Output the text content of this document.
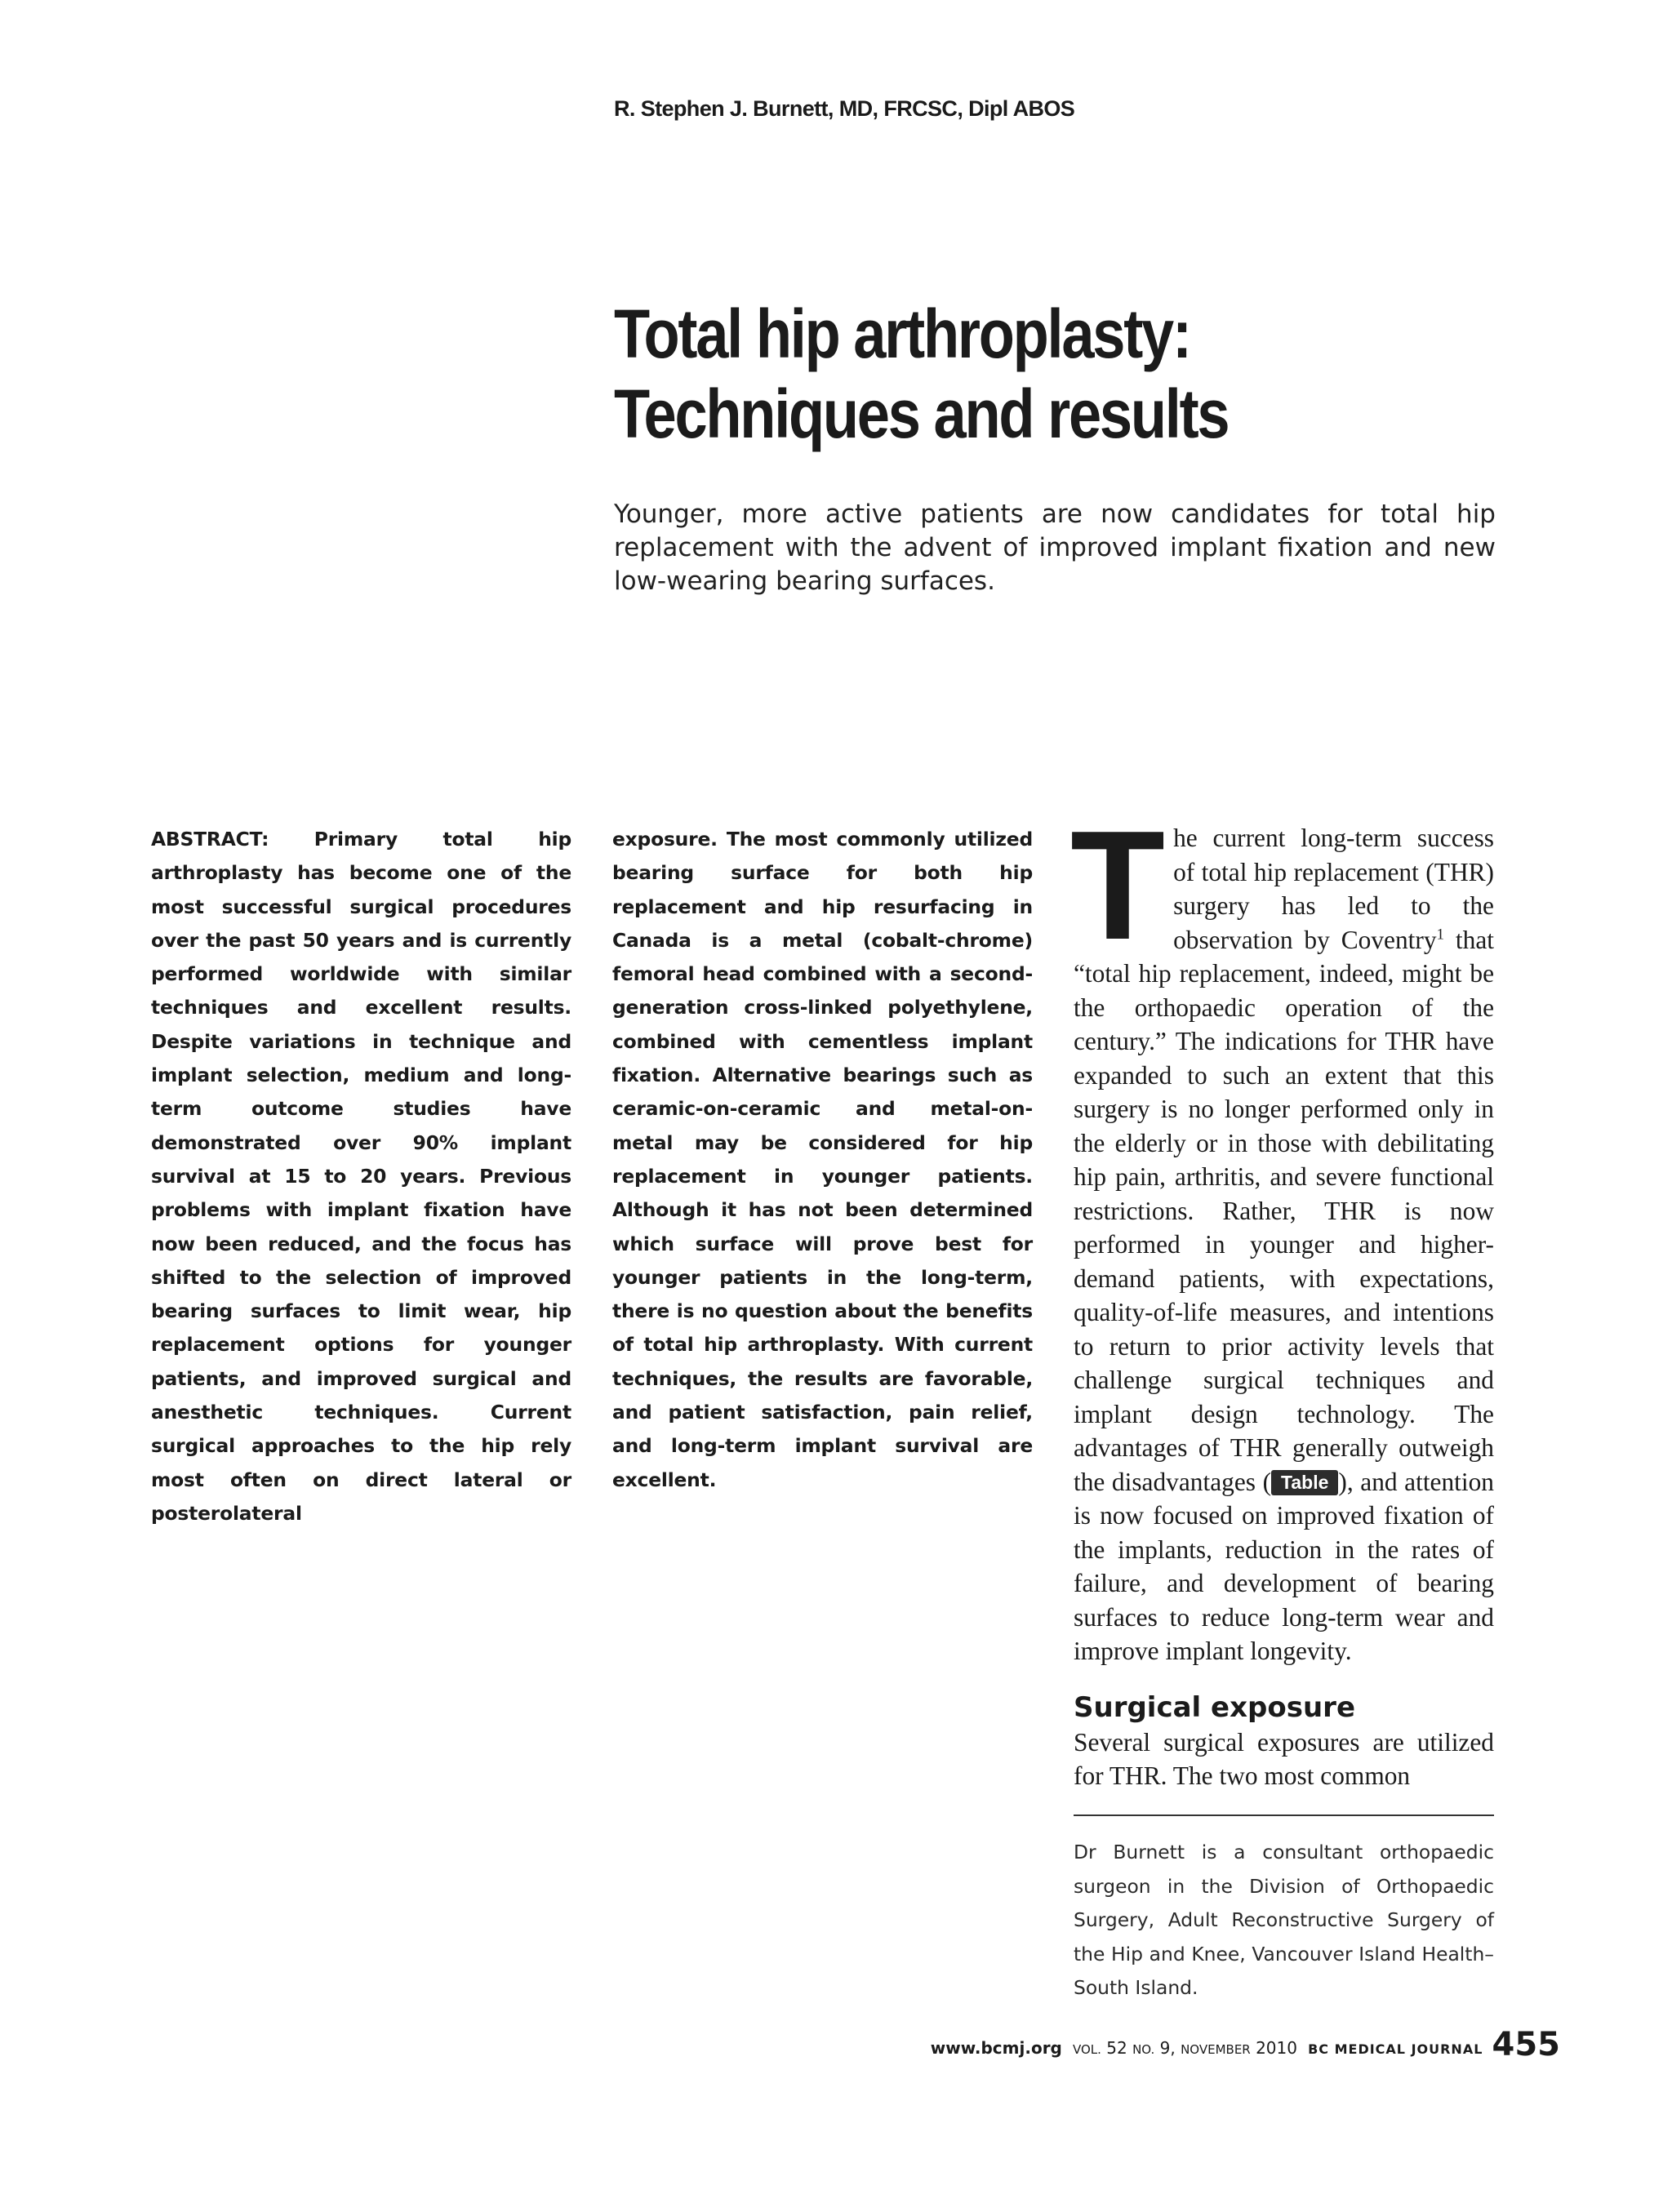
R. Stephen J. Burnett, MD, FRCSC, Dipl ABOS
Total hip arthroplasty:
Techniques and results
Younger, more active patients are now candidates for total hip replacement with the advent of improved implant fixation and new low-wearing bearing surfaces.

ABSTRACT: Primary total hip arthroplasty has become one of the most successful surgical procedures over the past 50 years and is currently performed worldwide with similar techniques and excellent results. Despite variations in technique and implant selection, medium and long-term outcome studies have demonstrated over 90% implant survival at 15 to 20 years. Previous problems with implant fixation have now been reduced, and the focus has shifted to the selection of improved bearing surfaces to limit wear, hip replacement options for younger patients, and improved surgical and anesthetic techniques. Current surgical approaches to the hip rely most often on direct lateral or posterolateral

exposure. The most commonly utilized bearing surface for both hip replacement and hip resurfacing in Canada is a metal (cobalt-chrome) femoral head combined with a second-generation cross-linked polyethylene, combined with cementless implant fixation. Alternative bearings such as ceramic-on-ceramic and metal-on-metal may be considered for hip replacement in younger patients. Although it has not been determined which surface will prove best for younger patients in the long-term, there is no question about the benefits of total hip arthroplasty. With current techniques, the results are favorable, and patient satisfaction, pain relief, and long-term implant survival are excellent.

The current long-term success of total hip replacement (THR) surgery has led to the observation by Coventry$^1$ that “total hip replacement, indeed, might be the orthopaedic operation of the century.” The indications for THR have expanded to such an extent that this surgery is no longer performed only in the elderly or in those with debilitating hip pain, arthritis, and severe functional restrictions. Rather, THR is now performed in younger and higher-demand patients, with expectations, quality-of-life measures, and intentions to return to prior activity levels that challenge surgical techniques and implant design technology. The advantages of THR generally outweigh the disadvantages ( Table ), and attention is now focused on improved fixation of the implants, reduction in the rates of failure, and development of bearing surfaces to reduce long-term wear and improve implant longevity.

Surgical exposure

Several surgical exposures are utilized for THR. The two most common

Dr Burnett is a consultant orthopaedic surgeon in the Division of Orthopaedic Surgery, Adult Reconstructive Surgery of the Hip and Knee, Vancouver Island Health–South Island.
www.bcmj.org VOL. 52 NO. 9, NOVEMBER 2010 BC MEDICAL JOURNAL 455
